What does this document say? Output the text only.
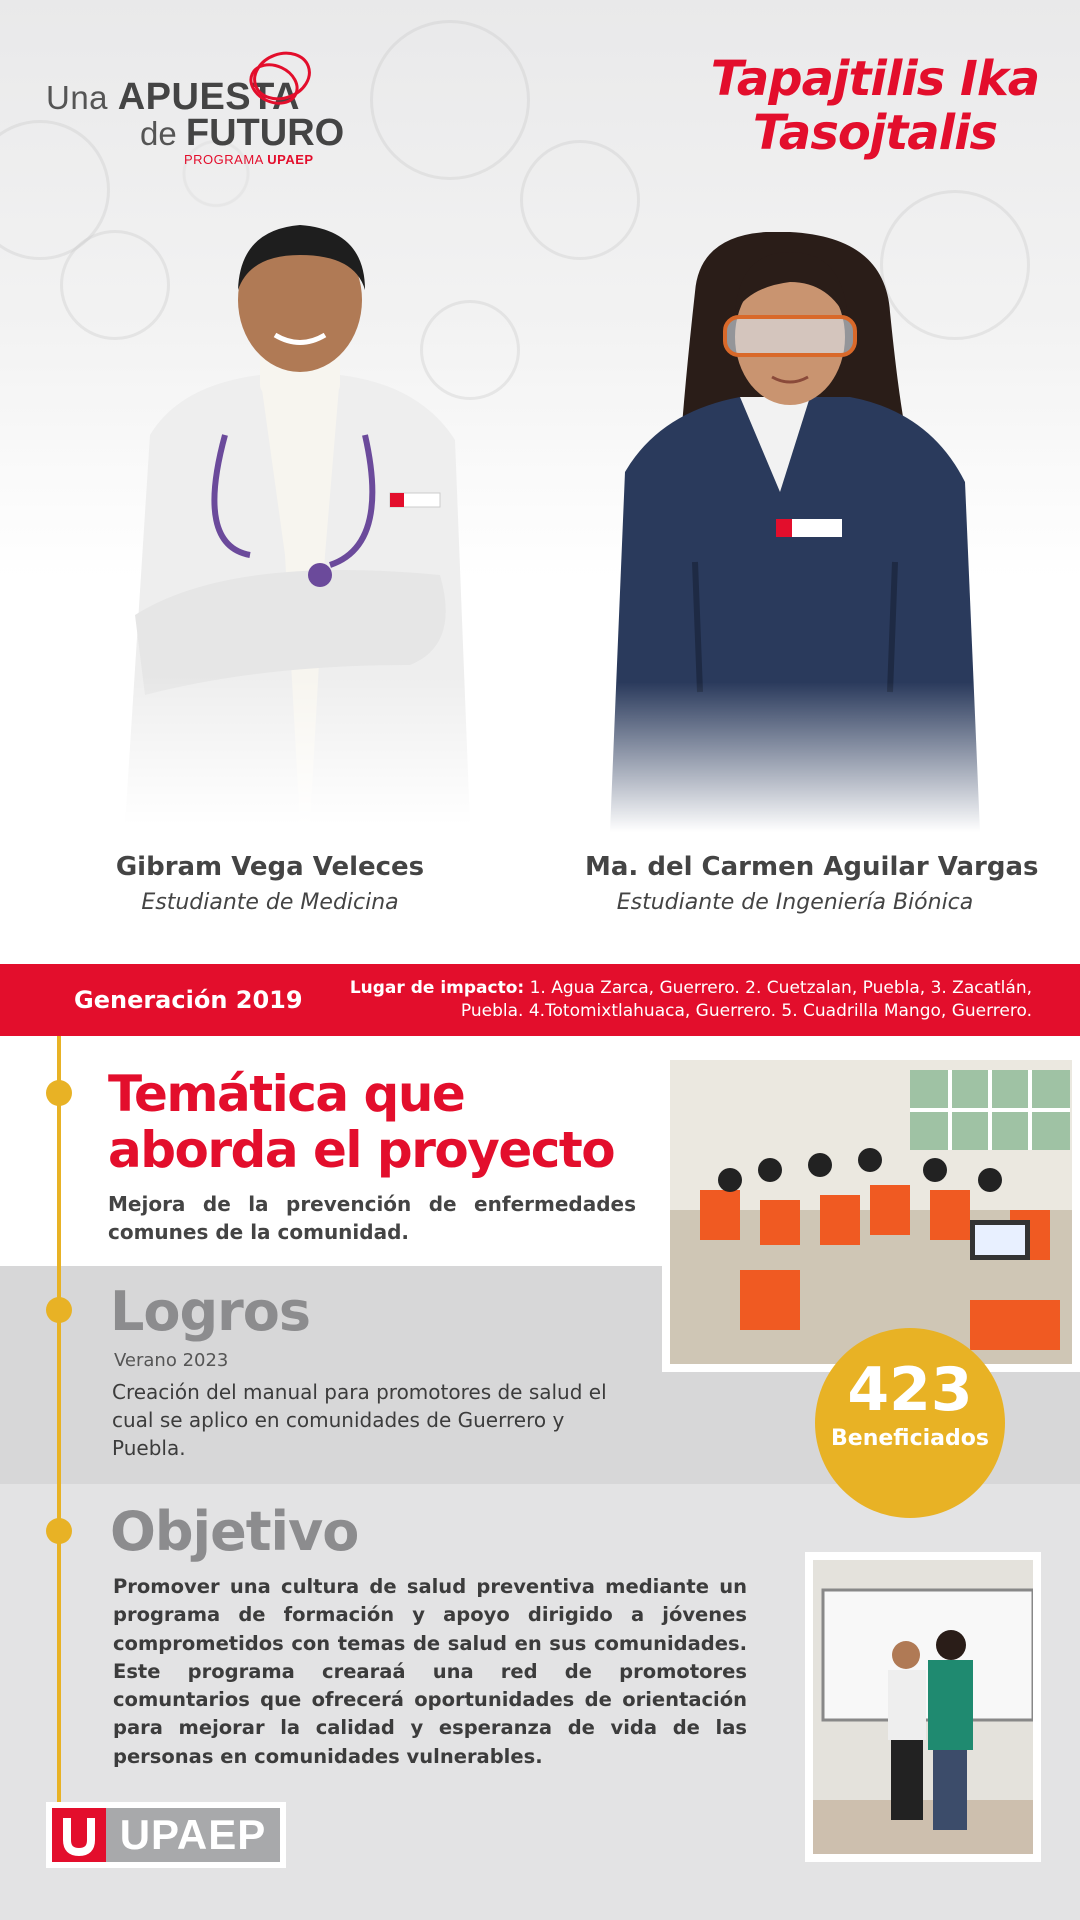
Una APUESTA
de FUTURO
PROGRAMA UPAEP
Tapajtilis Ika
Tasojtalis
Gibram Vega Veleces
Estudiante de Medicina
Ma. del Carmen Aguilar Vargas
Estudiante de Ingeniería Biónica
Generación 2019	Lugar de impacto: 1. Agua Zarca, Guerrero. 2. Cuetzalan, Puebla, 3. Zacatlán, Puebla. 4.Totomixtlahuaca, Guerrero. 5. Cuadrilla Mango, Guerrero.
Temática que aborda el proyecto
Mejora de la prevención de enfermedades comunes de la comunidad.
Logros
Verano 2023
Creación del manual para promotores de salud el cual se aplico en comunidades de Guerrero y Puebla.
Objetivo
Promover una cultura de salud preventiva mediante un programa de formación y apoyo dirigido a jóvenes comprometidos con temas de salud en sus comunidades. Este programa crearaá una red de promotores comuntarios que ofrecerá oportunidades de orientación para mejorar la calidad y esperanza de vida de las personas en comunidades vulnerables.
423
Beneficiados
UPAEP
